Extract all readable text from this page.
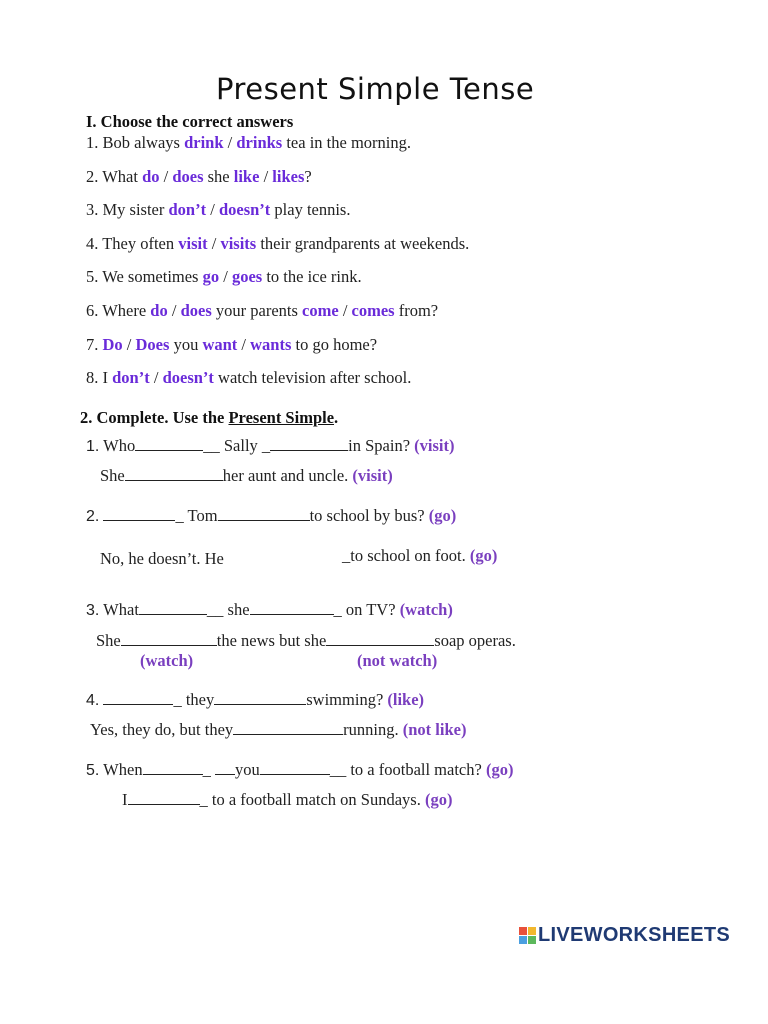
Present Simple Tense
I. Choose the correct answers
1. Bob always drink / drinks tea in the morning.
2. What do / does she like / likes?
3. My sister don’t / doesn’t play tennis.
4. They often visit / visits their grandparents at weekends.
5. We sometimes go / goes to the ice rink.
6. Where do / does your parents come / comes from?
7. Do / Does you want / wants to go home?
8. I don’t / doesn’t watch television after school.
2. Complete. Use the Present Simple.
1. Who	__ Sally _	in Spain? (visit)
She	her aunt and uncle. (visit)
2.	_ Tom	to school by bus? (go)
No, he doesn’t. He	_to school on foot. (go)
3. What	__ she	_ on TV? (watch)
She	the news but she	soap operas.
(watch)	(not watch)
4.	_ they	swimming? (like)
Yes, they do, but they	running. (not like)
5. When	_ you	__ to a football match? (go)
I	_ to a football match on Sundays. (go)
LIVEWORKSHEETS
